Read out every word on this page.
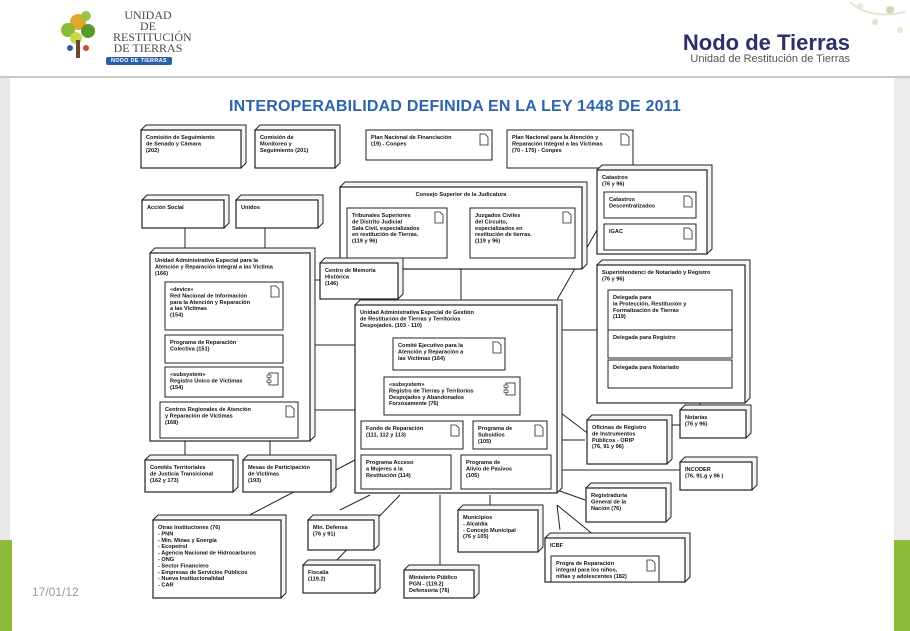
UNIDAD
DE RESTITUCIÓN
DE TIERRAS
NODO DE TIERRAS
Nodo de Tierras
Unidad de Restitución de Tierras
INTEROPERABILIDAD DEFINIDA EN LA LEY 1448 DE 2011
Comisión de Seguimiento
de Senado y Cámara
(202)
Comisión de
Monitoreo y
Seguimiento (201)
Plan Nacional de Financiación
(19) - Conpes
Plan Nacional para la Atención y
Reparación Integral a las Víctimas
(70 - 175) - Conpes
Acción Social	Unidos
Consejo Superior de la Judicatura
Tribunales Superiores
de Distrito Judicial
Sala Civil, especializados
en restitución de Tierras.
(119 y 96)
Juzgados Civiles
del Circuito,
especializados en
restitución de tierras.
(119 y 96)
Catastros
(76 y 96)
Catastros
Descentralizados
IGAC
Unidad Administrativa Especial para la
Atención y Reparación Integral a las Víctima
(166)
«device»
Red Nacional de Información
para la Atención y Reparación
a las Víctimas
(154)
Programa de Reparación
Colectiva (151)
«subsystem»
Registro Único de Víctimas
(154)
Centros Regionales de Atención
y Reparación de Víctimas
(168)
Centro de Memoria
Histórica
(146)
Unidad Administrativa Especial de Gestión
de Restitución de Tierras y Territorios
Despojados. (103 - 110)
Comité Ejecutivo para la
Atención y Reparación a
las Víctimas (164)
«subsystem»
Registro de Tierras y Territorios
Despojados y Abandonados
Forzosamente (76)
Fondo de Reparación
(111, 112 y 113)
Programa de
Subsidios
(105)
Programa Acceso
a Mujeres a la
Restitución (114)
Programa de
Alivio de Pasivos
(105)
Superintendenci de Notariado y Registro
(76 y 96)
Delegada para
la Protección, Restitución y
Formalización de Tierras
(119)
Delegada para Registro
Delegada para Notariado
Notarías
(76 y 96)
Oficinas de Registro
de Instrumentos
Públicos - ORIP
(76, 91 y 96)
INCODER
(76, 91.g y 96 )
Registraduría
General de la
Nación (76)
ICBF
Progra de Reparación
integral para los niños,
niñas y adolescentes (182)
Comités Territoriales
de Justicia Transicional
(162 y 173)
Mesas de Participación
de Víctimas
(193)
Otras Instituciones (76)
- PNN
- Min. Minas y Energía
- Ecopetrol
- Agencia Nacional de Hidrocarburos
- ONG
- Sector Financiero
- Empresas de Servicios Públicos
- Nueva Institucionalidad
- CAR
Min. Defensa
(76 y 91)
Fiscalía
(119.2)	Ministerio Público
PGN - (119.2)
Defensoría (76)
Municipios
- Alcaldía
- Concejo Municipal
(76 y 105)
17/01/12
